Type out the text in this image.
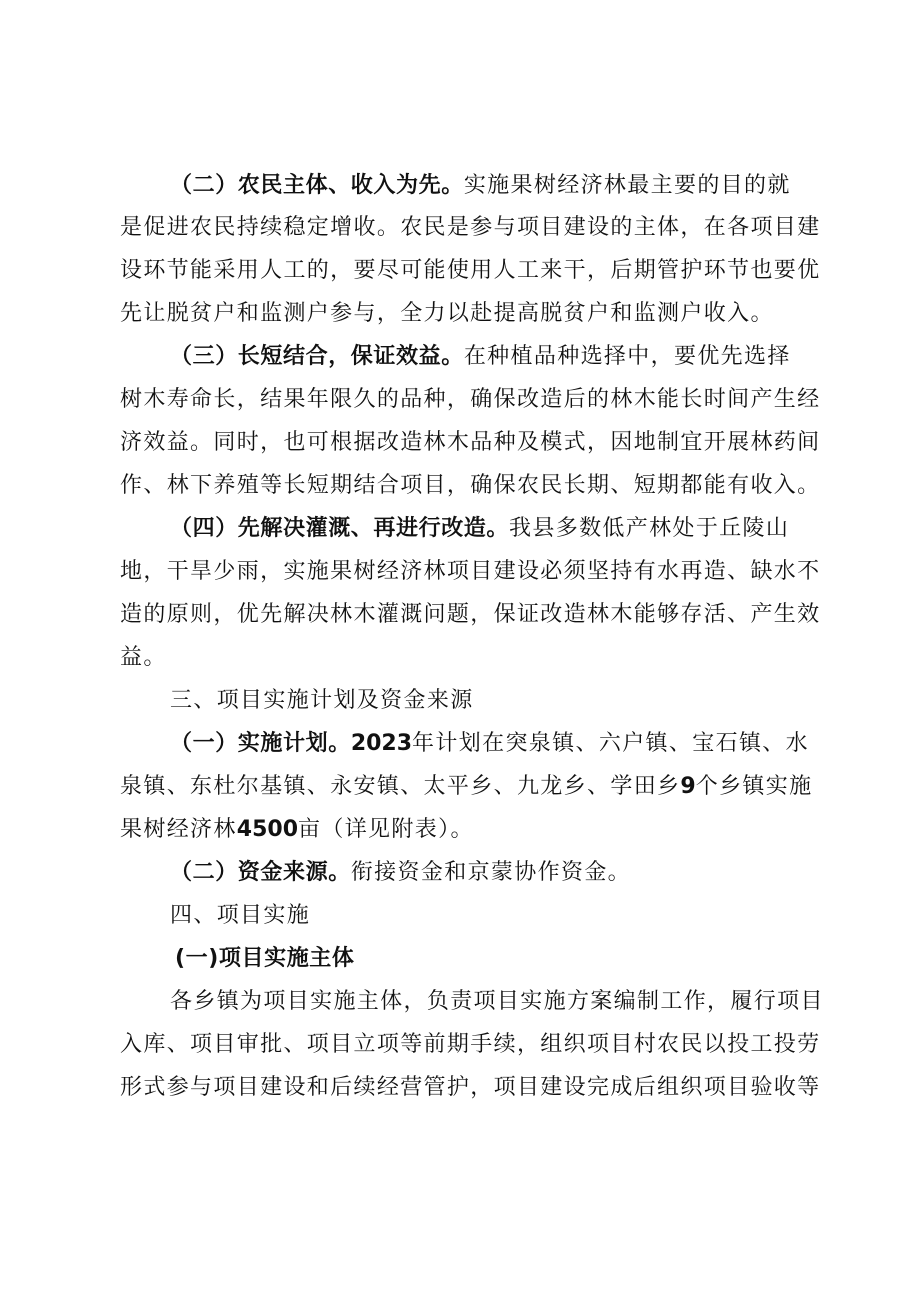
（二）农民主体、收入为先。实施果树经济林最主要的目的就
是促进农民持续稳定增收。农民是参与项目建设的主体，在各项目建
设环节能采用人工的，要尽可能使用人工来干，后期管护环节也要优
先让脱贫户和监测户参与，全力以赴提高脱贫户和监测户收入。
（三）长短结合，保证效益。在种植品种选择中，要优先选择
树木寿命长，结果年限久的品种，确保改造后的林木能长时间产生经
济效益。同时，也可根据改造林木品种及模式，因地制宜开展林药间
作、林下养殖等长短期结合项目，确保农民长期、短期都能有收入。
（四）先解决灌溉、再进行改造。我县多数低产林处于丘陵山
地，干旱少雨，实施果树经济林项目建设必须坚持有水再造、缺水不
造的原则，优先解决林木灌溉问题，保证改造林木能够存活、产生效
益。
三、项目实施计划及资金来源
（一）实施计划。2023年计划在突泉镇、六户镇、宝石镇、水
泉镇、东杜尔基镇、永安镇、太平乡、九龙乡、学田乡9个乡镇实施
果树经济林4500亩（详见附表）。
（二）资金来源。衔接资金和京蒙协作资金。
四、项目实施
(一)项目实施主体
各乡镇为项目实施主体，负责项目实施方案编制工作，履行项目
入库、项目审批、项目立项等前期手续，组织项目村农民以投工投劳
形式参与项目建设和后续经营管护，项目建设完成后组织项目验收等
